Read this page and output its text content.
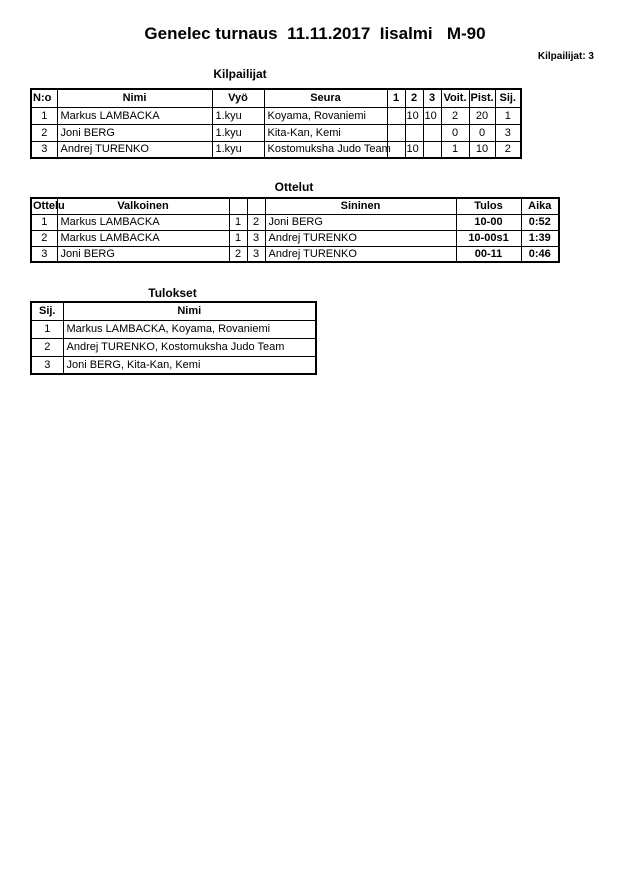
Genelec turnaus  11.11.2017  Iisalmi   M-90
Kilpailijat: 3
Kilpailijat
N:o	Nimi	Vyö	Seura	1	2	3	Voit.	Pist.	Sij.
1	Markus LAMBACKA	1.kyu	Koyama, Rovaniemi		10	10	2	20	1
2	Joni BERG	1.kyu	Kita-Kan, Kemi				0	0	3
3	Andrej TURENKO	1.kyu	Kostomuksha Judo Team		10		1	10	2
Ottelut
Ottelu	Valkoinen			Sininen	Tulos	Aika
1	Markus LAMBACKA	1	2	Joni BERG	10-00	0:52
2	Markus LAMBACKA	1	3	Andrej TURENKO	10-00s1	1:39
3	Joni BERG	2	3	Andrej TURENKO	00-11	0:46
Tulokset
Sij.	Nimi
1	Markus LAMBACKA, Koyama, Rovaniemi
2	Andrej TURENKO, Kostomuksha Judo Team
3	Joni BERG, Kita-Kan, Kemi
